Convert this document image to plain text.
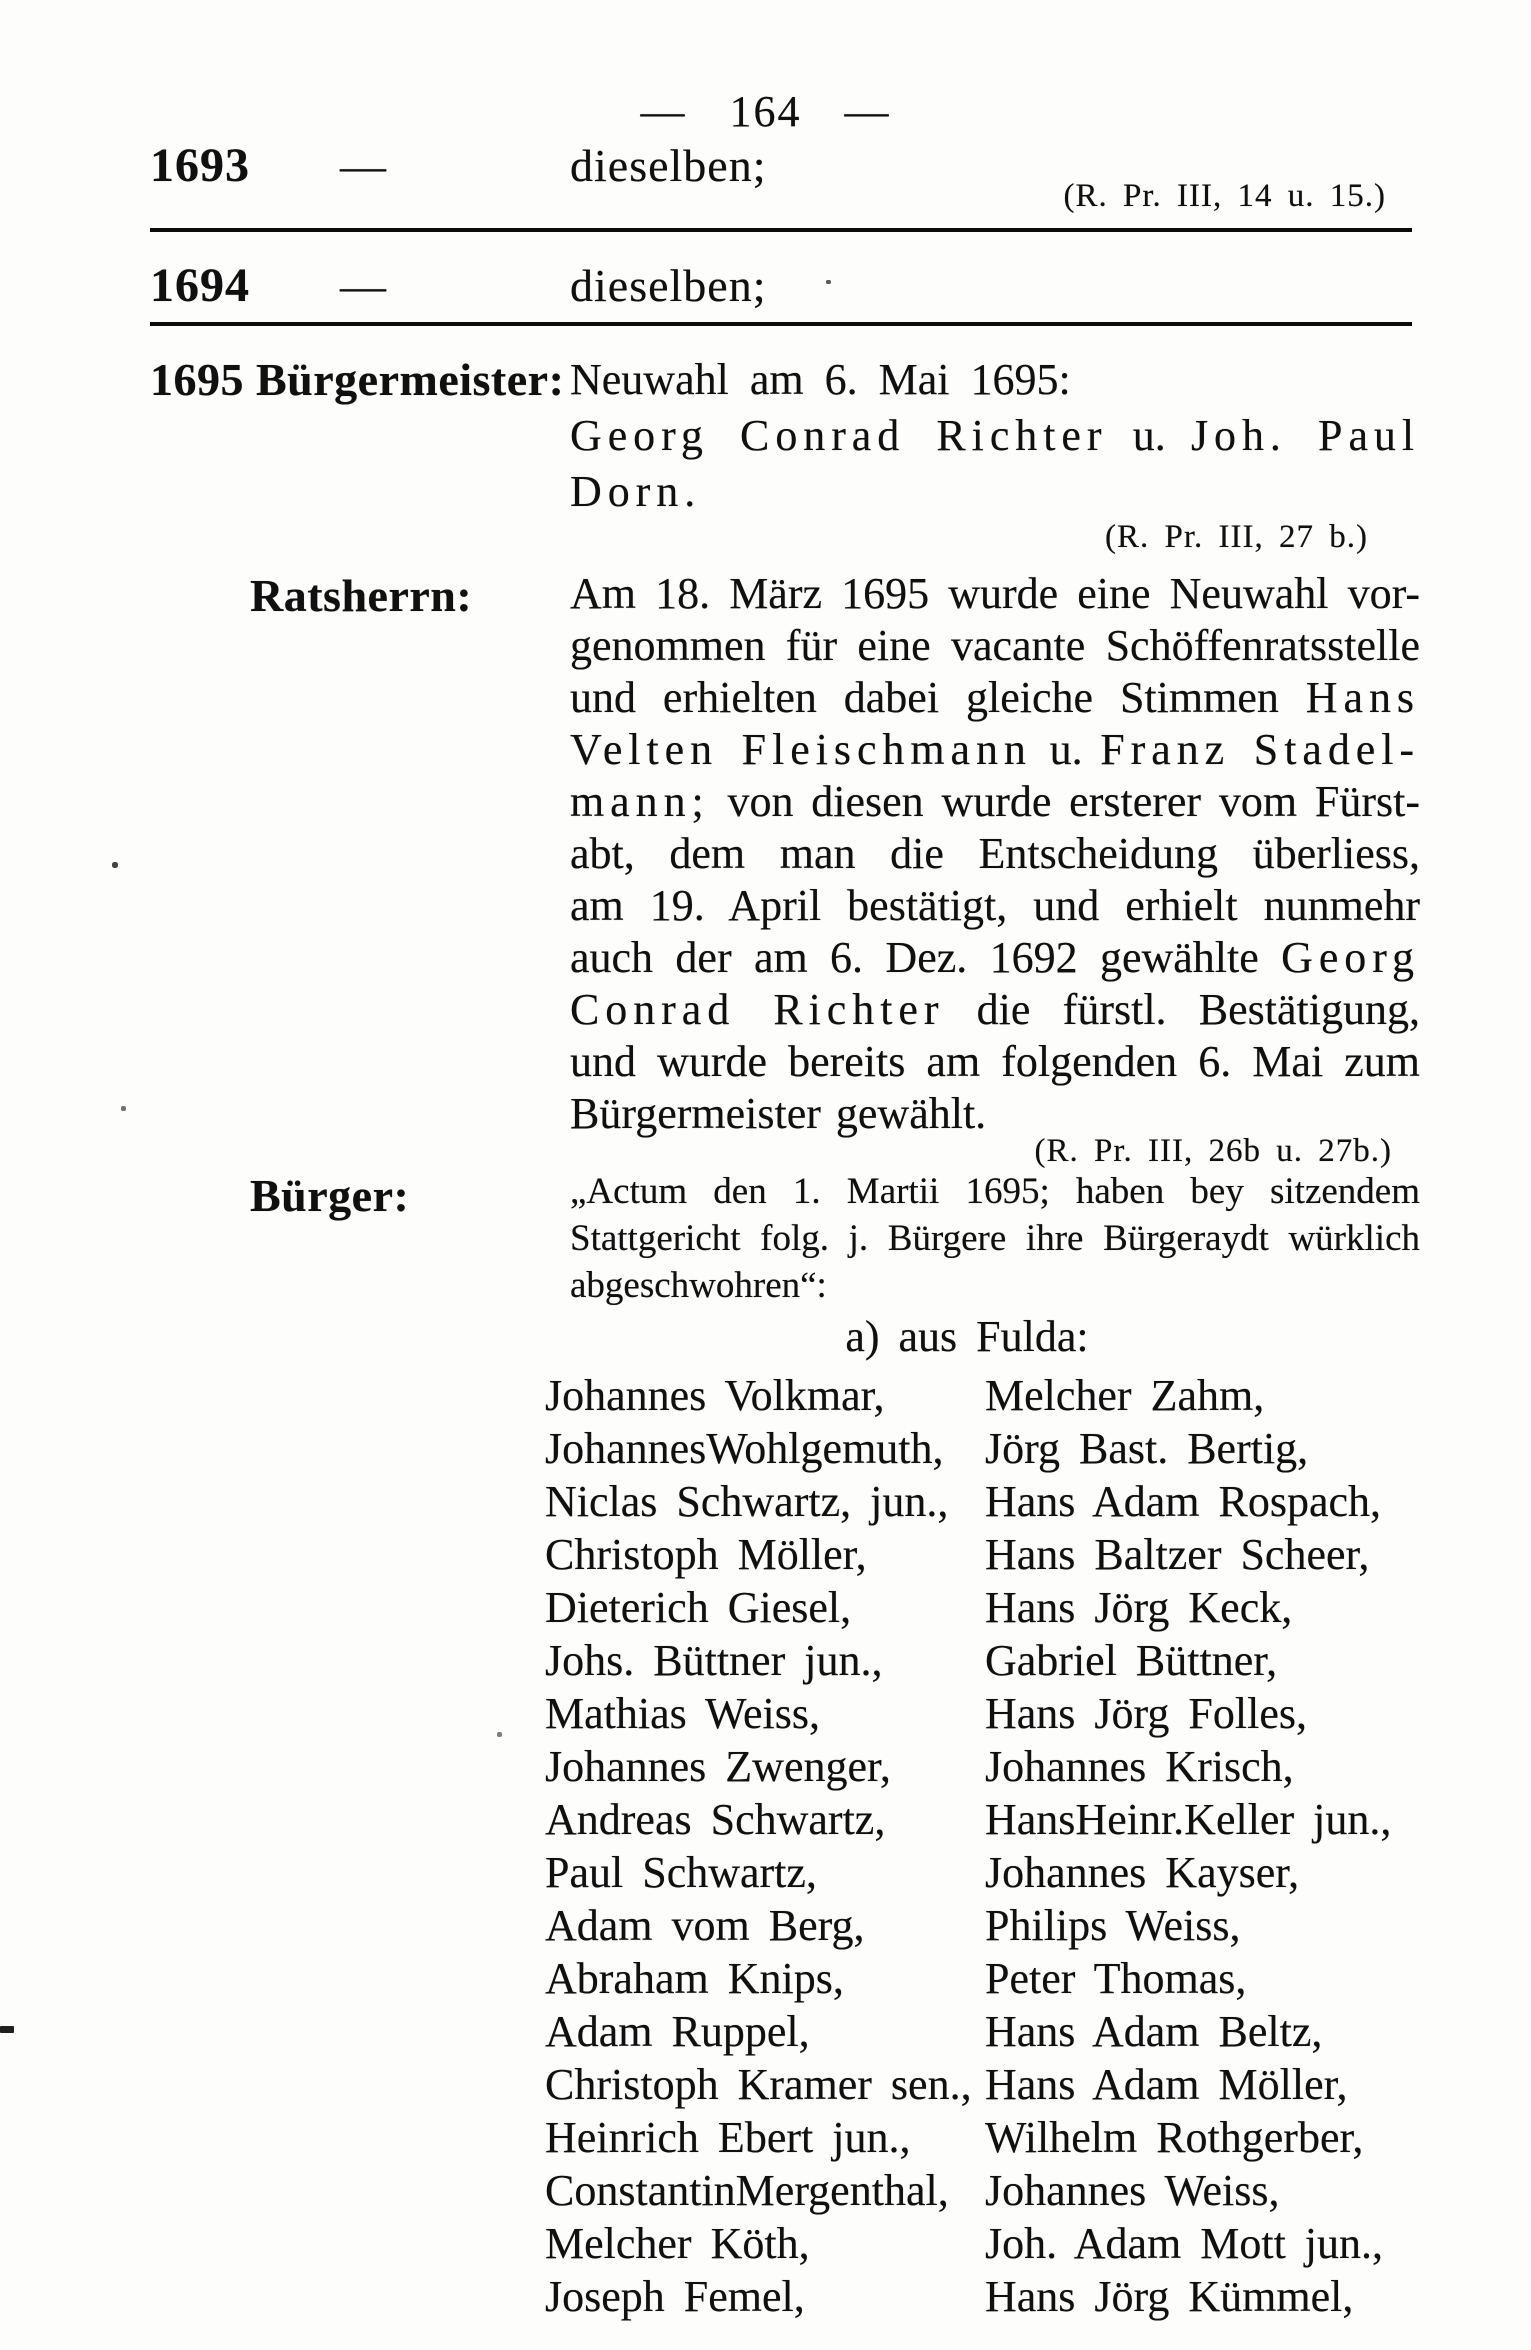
— 164 —
1693	—	dieselben;
(R. Pr. III, 14 u. 15.)
1694	—	dieselben;
1695 Bürgermeister: Neuwahl am 6. Mai 1695:
Georg Conrad Richter u. Joh. Paul Dorn.
(R. Pr. III, 27 b.)
Ratsherrn:	Am 18. März 1695 wurde eine Neuwahl vor-
genommen für eine vacante Schöffenratsstelle
und erhielten dabei gleiche Stimmen Hans
Velten Fleischmann u. Franz Stadel-
mann; von diesen wurde ersterer vom Fürst-
abt, dem man die Entscheidung überliess,
am 19. April bestätigt, und erhielt nunmehr
auch der am 6. Dez. 1692 gewählte Georg
Conrad Richter die fürstl. Bestätigung,
und wurde bereits am folgenden 6. Mai zum
Bürgermeister gewählt.
(R. Pr. III, 26b u. 27b.)
Bürger:	„Actum den 1. Martii 1695; haben bey sitzendem
Stattgericht folg. j. Bürgere ihre Bürgeraydt würklich
abgeschwohren“:
a) aus Fulda:
Johannes Volkmar,	Melcher Zahm,
JohannesWohlgemuth, Jörg Bast. Bertig,
Niclas Schwartz, jun., Hans Adam Rospach,
Christoph Möller,	Hans Baltzer Scheer,
Dieterich Giesel,	Hans Jörg Keck,
Johs. Büttner jun.,	Gabriel Büttner,
Mathias Weiss,	Hans Jörg Folles,
Johannes Zwenger,	Johannes Krisch,
Andreas Schwartz,	HansHeinr.Keller jun.,
Paul Schwartz,	Johannes Kayser,
Adam vom Berg,	Philips Weiss,
Abraham Knips,	Peter Thomas,
Adam Ruppel,	Hans Adam Beltz,
Christoph Kramer sen., Hans Adam Möller,
Heinrich Ebert jun.,	Wilhelm Rothgerber,
ConstantinMergenthal, Johannes Weiss,
Melcher Köth,	Joh. Adam Mott jun.,
Joseph Femel,	Hans Jörg Kümmel,
